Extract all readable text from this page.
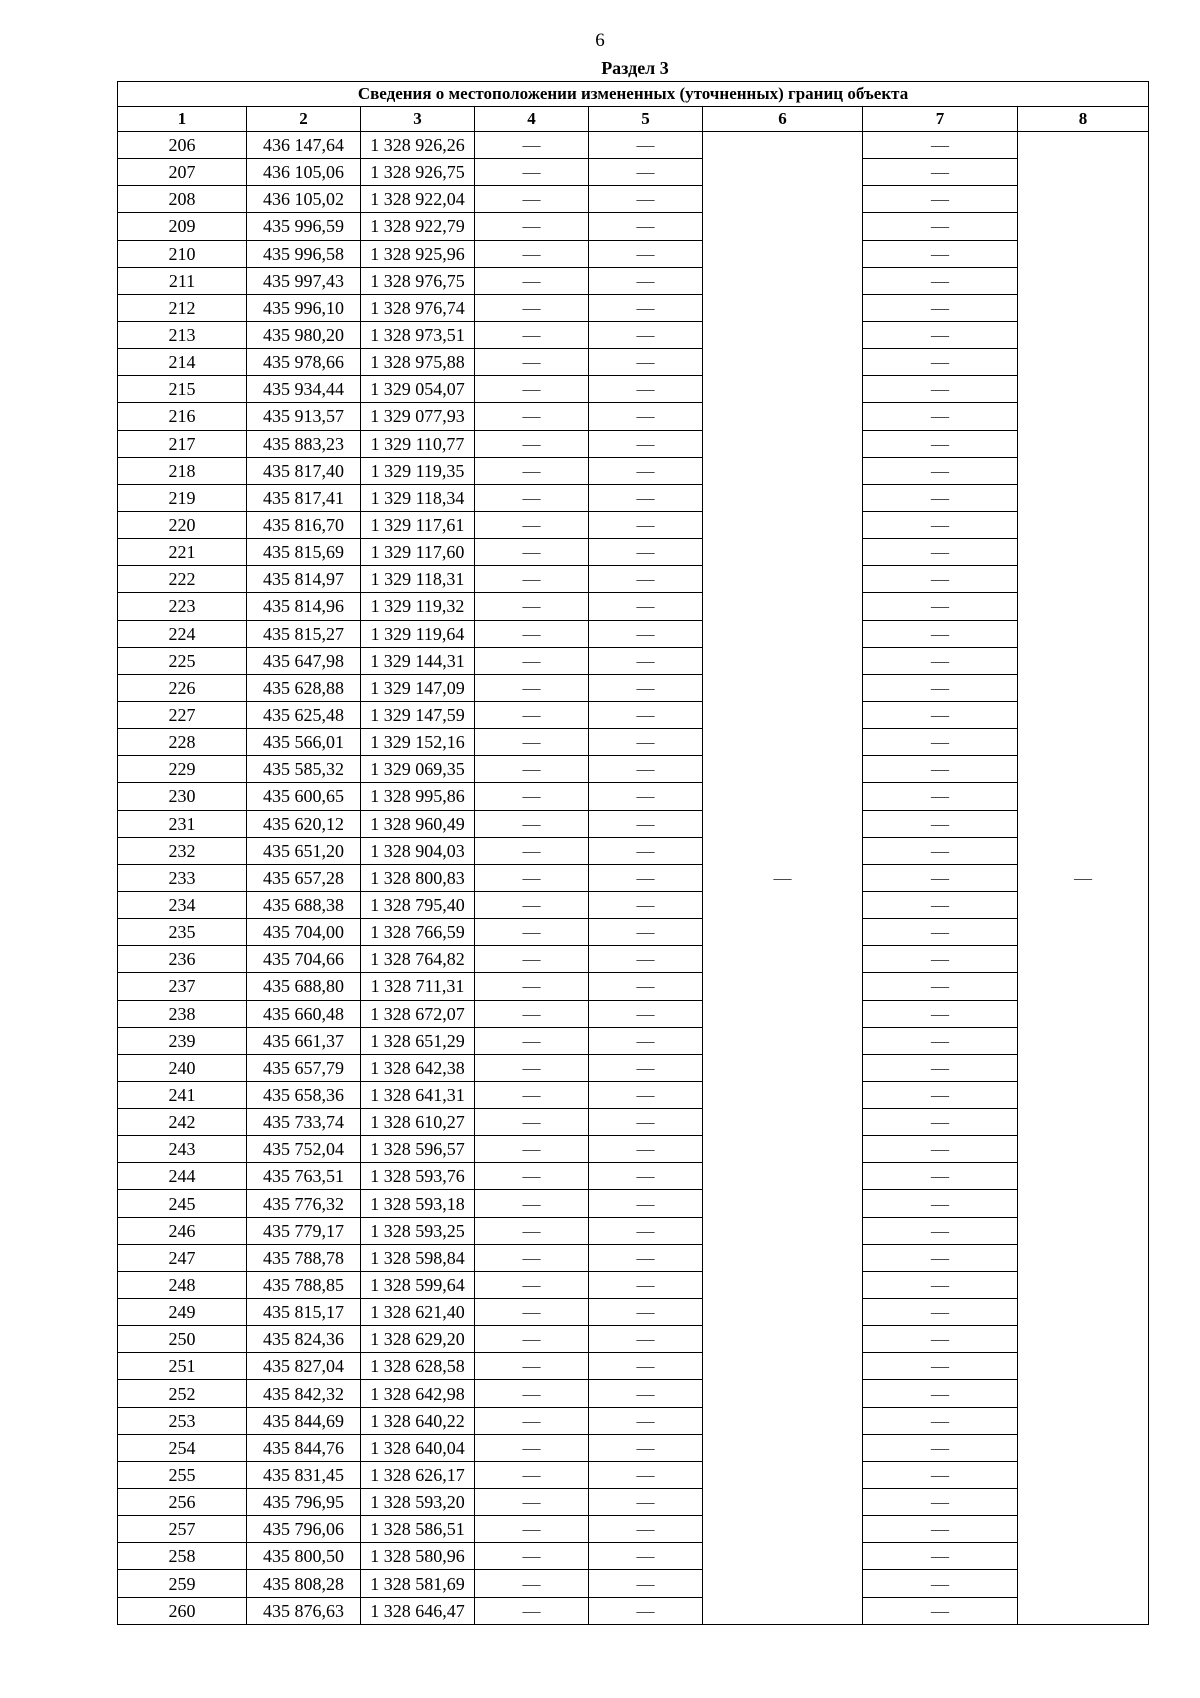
6
Раздел 3
Сведения о местоположении измененных (уточненных) границ объекта							
1	2	3	4	5	6	7	8
206	436 147,64	1 328 926,26	—	—	—	—	—
207	436 105,06	1 328 926,75	—	—		—	
208	436 105,02	1 328 922,04	—	—		—	
209	435 996,59	1 328 922,79	—	—		—	
210	435 996,58	1 328 925,96	—	—		—	
211	435 997,43	1 328 976,75	—	—		—	
212	435 996,10	1 328 976,74	—	—		—	
213	435 980,20	1 328 973,51	—	—		—	
214	435 978,66	1 328 975,88	—	—		—	
215	435 934,44	1 329 054,07	—	—		—	
216	435 913,57	1 329 077,93	—	—		—	
217	435 883,23	1 329 110,77	—	—		—	
218	435 817,40	1 329 119,35	—	—		—	
219	435 817,41	1 329 118,34	—	—		—	
220	435 816,70	1 329 117,61	—	—		—	
221	435 815,69	1 329 117,60	—	—		—	
222	435 814,97	1 329 118,31	—	—		—	
223	435 814,96	1 329 119,32	—	—		—	
224	435 815,27	1 329 119,64	—	—		—	
225	435 647,98	1 329 144,31	—	—		—	
226	435 628,88	1 329 147,09	—	—		—	
227	435 625,48	1 329 147,59	—	—		—	
228	435 566,01	1 329 152,16	—	—		—	
229	435 585,32	1 329 069,35	—	—		—	
230	435 600,65	1 328 995,86	—	—		—	
231	435 620,12	1 328 960,49	—	—		—	
232	435 651,20	1 328 904,03	—	—		—	
233	435 657,28	1 328 800,83	—	—		—	
234	435 688,38	1 328 795,40	—	—		—	
235	435 704,00	1 328 766,59	—	—		—	
236	435 704,66	1 328 764,82	—	—		—	
237	435 688,80	1 328 711,31	—	—		—	
238	435 660,48	1 328 672,07	—	—		—	
239	435 661,37	1 328 651,29	—	—		—	
240	435 657,79	1 328 642,38	—	—		—	
241	435 658,36	1 328 641,31	—	—		—	
242	435 733,74	1 328 610,27	—	—		—	
243	435 752,04	1 328 596,57	—	—		—	
244	435 763,51	1 328 593,76	—	—		—	
245	435 776,32	1 328 593,18	—	—		—	
246	435 779,17	1 328 593,25	—	—		—	
247	435 788,78	1 328 598,84	—	—		—	
248	435 788,85	1 328 599,64	—	—		—	
249	435 815,17	1 328 621,40	—	—		—	
250	435 824,36	1 328 629,20	—	—		—	
251	435 827,04	1 328 628,58	—	—		—	
252	435 842,32	1 328 642,98	—	—		—	
253	435 844,69	1 328 640,22	—	—		—	
254	435 844,76	1 328 640,04	—	—		—	
255	435 831,45	1 328 626,17	—	—		—	
256	435 796,95	1 328 593,20	—	—		—	
257	435 796,06	1 328 586,51	—	—		—	
258	435 800,50	1 328 580,96	—	—		—	
259	435 808,28	1 328 581,69	—	—		—	
260	435 876,63	1 328 646,47	—	—		—	
